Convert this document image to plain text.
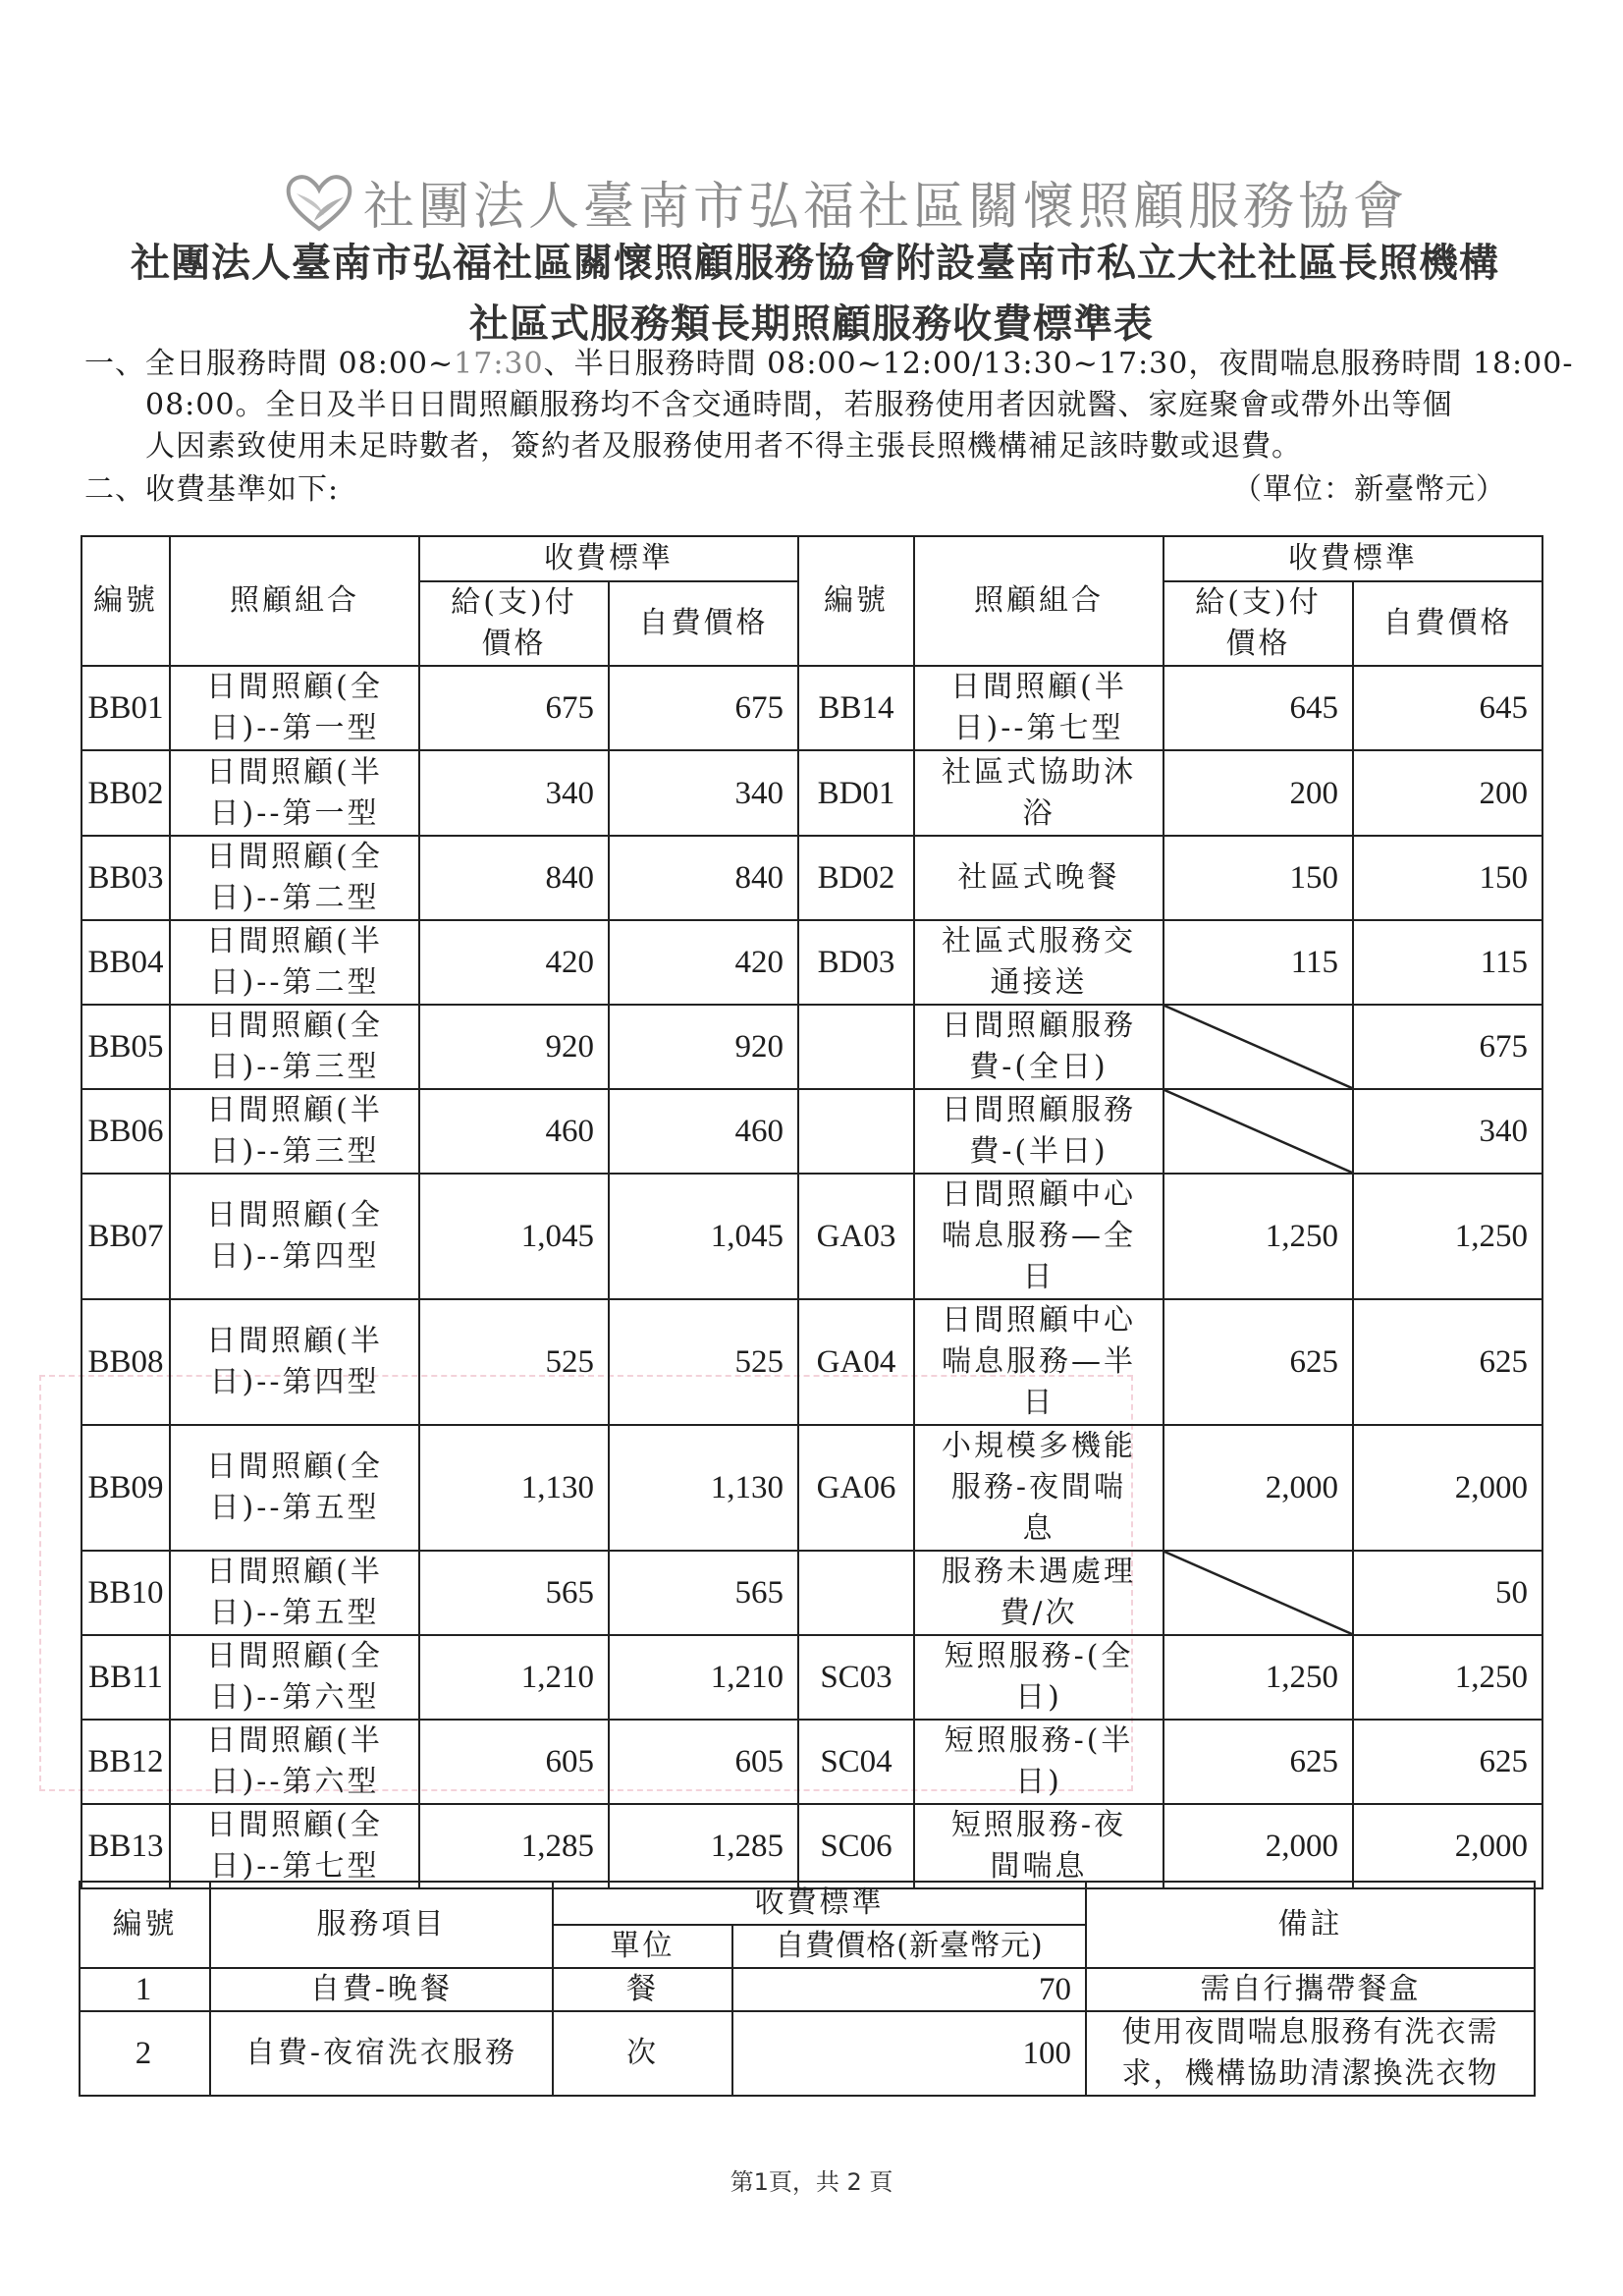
社團法人臺南市弘福社區關懷照顧服務協會
社團法人臺南市弘福社區關懷照顧服務協會附設臺南市私立大社社區長照機構
社區式服務類長期照顧服務收費標準表
一、全日服務時間 08:00~17:30、半日服務時間 08:00~12:00/13:30~17:30，夜間喘息服務時間 18:00-
08:00。全日及半日日間照顧服務均不含交通時間，若服務使用者因就醫、家庭聚會或帶外出等個
人因素致使用未足時數者，簽約者及服務使用者不得主張長照機構補足該時數或退費。
二、收費基準如下:	（單位：新臺幣元）
編號	照顧組合	收費標準		編號	照顧組合	收費標準	
		給(支)付價格	自費價格			給(支)付價格	自費價格
BB01	日間照顧(全日)--第一型	675	675	BB14	日間照顧(半日)--第七型	645	645
BB02	日間照顧(半日)--第一型	340	340	BD01	社區式協助沐浴	200	200
BB03	日間照顧(全日)--第二型	840	840	BD02	社區式晚餐	150	150
BB04	日間照顧(半日)--第二型	420	420	BD03	社區式服務交通接送	115	115
BB05	日間照顧(全日)--第三型	920	920		日間照顧服務費-(全日)		675
BB06	日間照顧(半日)--第三型	460	460		日間照顧服務費-(半日)		340
BB07	日間照顧(全日)--第四型	1,045	1,045	GA03	日間照顧中心喘息服務—全日	1,250	1,250
BB08	日間照顧(半日)--第四型	525	525	GA04	日間照顧中心喘息服務—半日	625	625
BB09	日間照顧(全日)--第五型	1,130	1,130	GA06	小規模多機能服務-夜間喘息	2,000	2,000
BB10	日間照顧(半日)--第五型	565	565		服務未遇處理費/次		50
BB11	日間照顧(全日)--第六型	1,210	1,210	SC03	短照服務-(全日)	1,250	1,250
BB12	日間照顧(半日)--第六型	605	605	SC04	短照服務-(半日)	625	625
BB13	日間照顧(全日)--第七型	1,285	1,285	SC06	短照服務-夜間喘息	2,000	2,000
編號	服務項目	收費標準		備註
		單位	自費價格(新臺幣元)	
1	自費-晚餐	餐	70	需自行攜帶餐盒
2	自費-夜宿洗衣服務	次	100	使用夜間喘息服務有洗衣需求，機構協助清潔換洗衣物
第1頁，共 2 頁
